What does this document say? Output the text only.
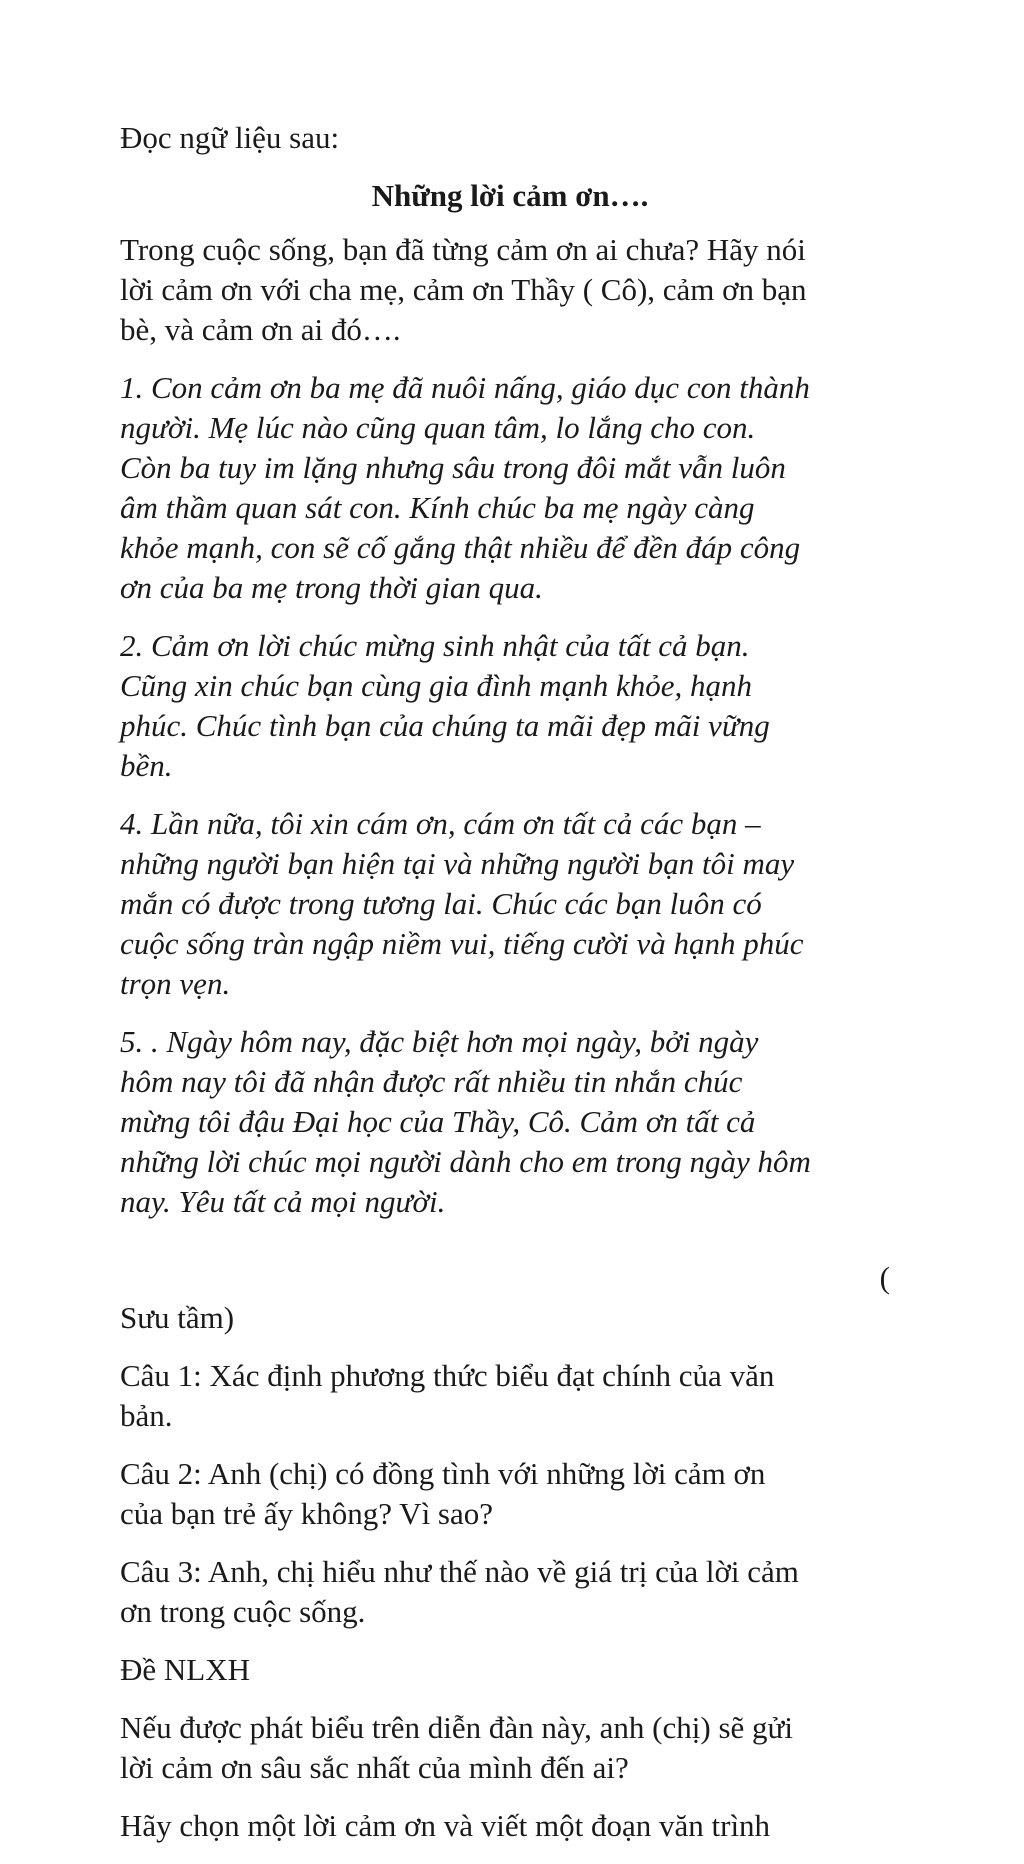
Đọc ngữ liệu sau:

Những lời cảm ơn….

Trong cuộc sống, bạn đã từng cảm ơn ai chưa? Hãy nói
lời cảm ơn với cha mẹ, cảm ơn Thầy ( Cô), cảm ơn bạn
bè, và cảm ơn ai đó….

1. Con cảm ơn ba mẹ đã nuôi nấng, giáo dục con thành
người. Mẹ lúc nào cũng quan tâm, lo lắng cho con.
Còn ba tuy im lặng nhưng sâu trong đôi mắt vẫn luôn
âm thầm quan sát con. Kính chúc ba mẹ ngày càng
khỏe mạnh, con sẽ cố gắng thật nhiều để đền đáp công
ơn của ba mẹ trong thời gian qua.

2. Cảm ơn lời chúc mừng sinh nhật của tất cả bạn.
Cũng xin chúc bạn cùng gia đình mạnh khỏe, hạnh
phúc. Chúc tình bạn của chúng ta mãi đẹp mãi vững
bền.

4. Lần nữa, tôi xin cám ơn, cám ơn tất cả các bạn –
những người bạn hiện tại và những người bạn tôi may
mắn có được trong tương lai. Chúc các bạn luôn có
cuộc sống tràn ngập niềm vui, tiếng cười và hạnh phúc
trọn vẹn.

5. . Ngày hôm nay, đặc biệt hơn mọi ngày, bởi ngày
hôm nay tôi đã nhận được rất nhiều tin nhắn chúc
mừng tôi đậu Đại học của Thầy, Cô. Cảm ơn tất cả
những lời chúc mọi người dành cho em trong ngày hôm
nay. Yêu tất cả mọi người.

(

Sưu tầm)

Câu 1: Xác định phương thức biểu đạt chính của văn
bản.

Câu 2: Anh (chị) có đồng tình với những lời cảm ơn
của bạn trẻ ấy không? Vì sao?

Câu 3: Anh, chị hiểu như thế nào về giá trị của lời cảm
ơn trong cuộc sống.

Đề NLXH

Nếu được phát biểu trên diễn đàn này, anh (chị) sẽ gửi
lời cảm ơn sâu sắc nhất của mình đến ai?

Hãy chọn một lời cảm ơn và viết một đoạn văn trình
